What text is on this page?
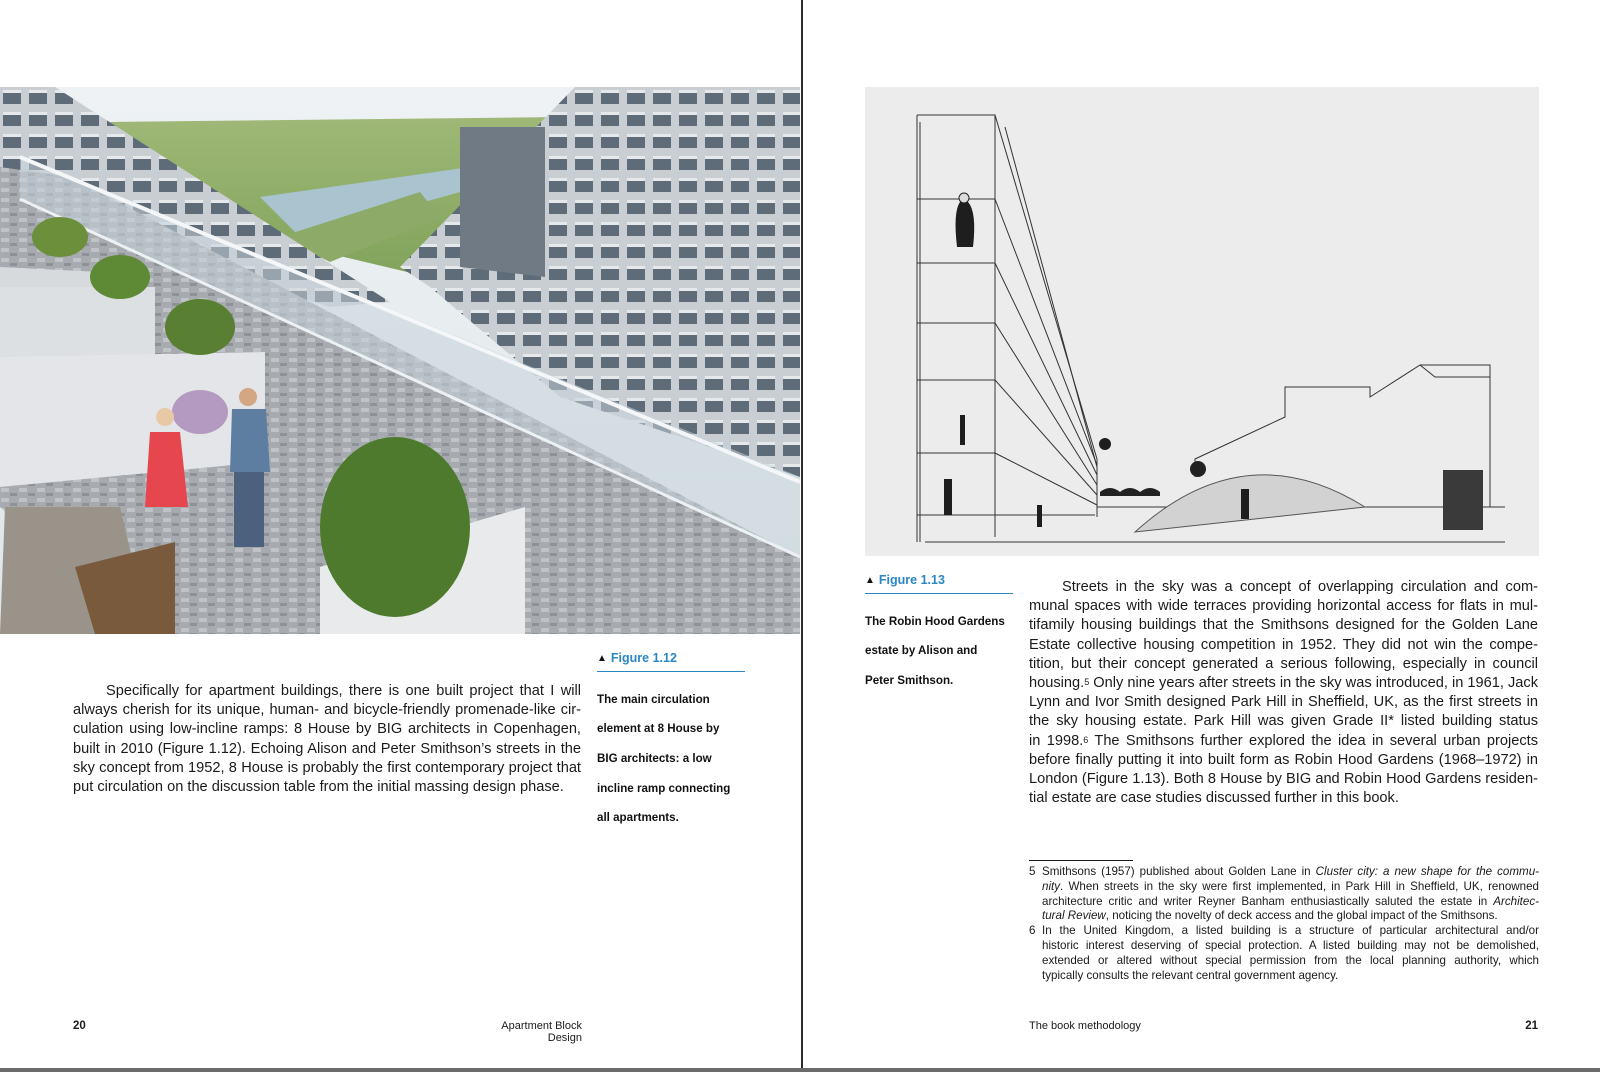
▲ Figure 1.12

The main circulation

element at 8 House by

BIG architects: a low

incline ramp connecting

all apartments.

Specifically for apartment buildings, there is one built project that I will
always cherish for its unique, human- and bicycle-friendly promenade-like cir-
culation using low-incline ramps: 8 House by BIG architects in Copenhagen,
built in 2010 (Figure 1.12). Echoing Alison and Peter Smithson’s streets in the
sky concept from 1952, 8 House is probably the first contemporary project that
put circulation on the discussion table from the initial massing design phase.
20	Apartment Block Design
▲ Figure 1.13

The Robin Hood Gardens

estate by Alison and

Peter Smithson.

Streets in the sky was a concept of overlapping circulation and com-
munal spaces with wide terraces providing horizontal access for flats in mul-
tifamily housing buildings that the Smithsons designed for the Golden Lane
Estate collective housing competition in 1952. They did not win the compe-
tition, but their concept generated a serious following, especially in council
housing.$^5$ Only nine years after streets in the sky was introduced, in 1961, Jack
Lynn and Ivor Smith designed Park Hill in Sheffield, UK, as the first streets in
the sky housing estate. Park Hill was given Grade II* listed building status
in 1998.$^6$ The Smithsons further explored the idea in several urban projects
before finally putting it into built form as Robin Hood Gardens (1968–1972) in
London (Figure 1.13). Both 8 House by BIG and Robin Hood Gardens residen-
tial estate are case studies discussed further in this book.
5 Smithsons (1957) published about Golden Lane in Cluster city: a new shape for the commu-
nity. When streets in the sky were first implemented, in Park Hill in Sheffield, UK, renowned
architecture critic and writer Reyner Banham enthusiastically saluted the estate in Architec-
tural Review, noticing the novelty of deck access and the global impact of the Smithsons.
6 In the United Kingdom, a listed building is a structure of particular architectural and/or
historic interest deserving of special protection. A listed building may not be demolished,
extended or altered without special permission from the local planning authority, which
typically consults the relevant central government agency.
The book methodology	21
